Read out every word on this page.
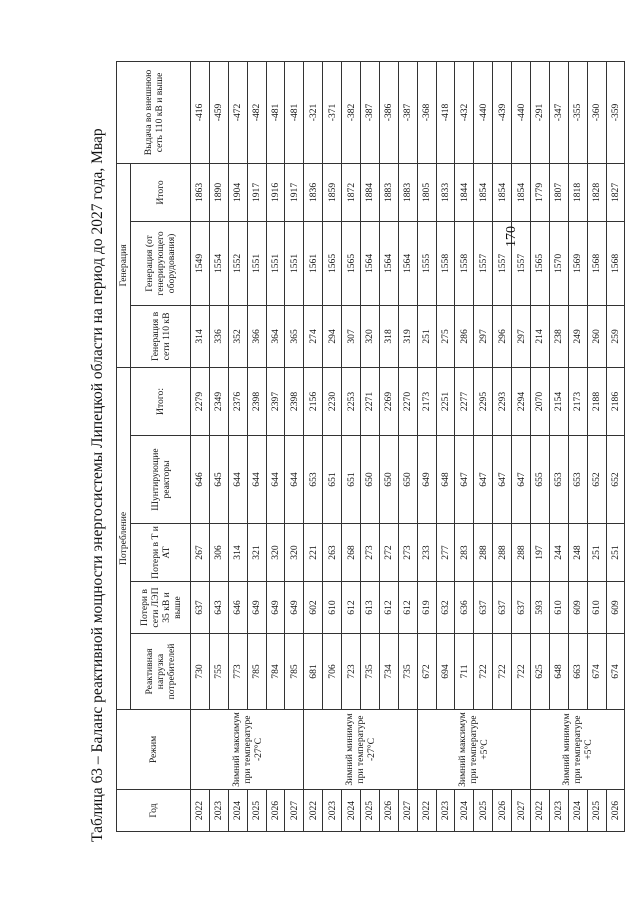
Таблица 63 – Баланс реактивной мощности энергосистемы Липецкой области на период до 2027 года, Мвар	Год	Режим	Потребление					Генерация			Выдача во внешнюю сеть 110 кВ и выше
		Реактивная нагрузка потребителей	Потери в сети ЛЭП 35 кВ и выше	Потери в Т и АТ	Шунтирующие реакторы	Итого:	Генерация в сети 110 кВ	Генерация (от генерирующего оборудования)	Итого	
2022	Зимний максимум при температуре -27°С	730	637	267	646	2279	314	1549	1863	-416
2023		755	643	306	645	2349	336	1554	1890	-459
2024		773	646	314	644	2376	352	1552	1904	-472
2025		785	649	321	644	2398	366	1551	1917	-482
2026		784	649	320	644	2397	364	1551	1916	-481
2027		785	649	320	644	2398	365	1551	1917	-481
2022	Зимний минимум при температуре -27°С	681	602	221	653	2156	274	1561	1836	-321
2023		706	610	263	651	2230	294	1565	1859	-371
2024		723	612	268	651	2253	307	1565	1872	-382
2025		735	613	273	650	2271	320	1564	1884	-387
2026		734	612	272	650	2269	318	1564	1883	-386
2027		735	612	273	650	2270	319	1564	1883	-387
2022	Зимний максимум при температуре +5°С	672	619	233	649	2173	251	1555	1805	-368
2023		694	632	277	648	2251	275	1558	1833	-418
2024		711	636	283	647	2277	286	1558	1844	-432
2025		722	637	288	647	2295	297	1557	1854	-440
2026		722	637	288	647	2293	296	1557	1854	-439
2027		722	637	288	647	2294	297	1557	1854	-440
2022	Зимний минимум при температуре +5°С	625	593	197	655	2070	214	1565	1779	-291
2023		648	610	244	653	2154	238	1570	1807	-347
2024		663	609	248	653	2173	249	1569	1818	-355
2025		674	610	251	652	2188	260	1568	1828	-360
2026		674	609	251	652	2186	259	1568	1827	-359
170
